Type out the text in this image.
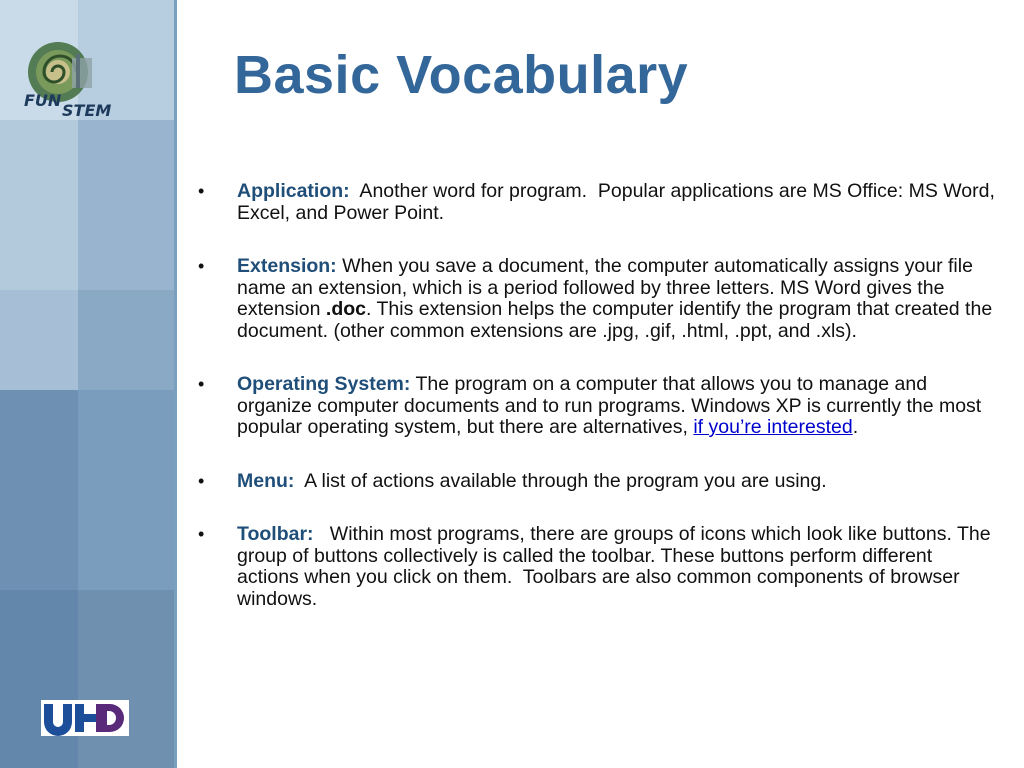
FUN
STEM
Basic Vocabulary
• Application:  Another word for program.  Popular applications are MS Office: MS Word, Excel, and Power Point.
• Extension: When you save a document, the computer automatically assigns your file name an extension, which is a period followed by three letters. MS Word gives the extension .doc. This extension helps the computer identify the program that created the document. (other common extensions are .jpg, .gif, .html, .ppt, and .xls).
• Operating System: The program on a computer that allows you to manage and organize computer documents and to run programs. Windows XP is currently the most popular operating system, but there are alternatives, if you’re interested.
• Menu:  A list of actions available through the program you are using.
• Toolbar:   Within most programs, there are groups of icons which look like buttons. The group of buttons collectively is called the toolbar. These buttons perform different actions when you click on them.  Toolbars are also common components of browser windows.
